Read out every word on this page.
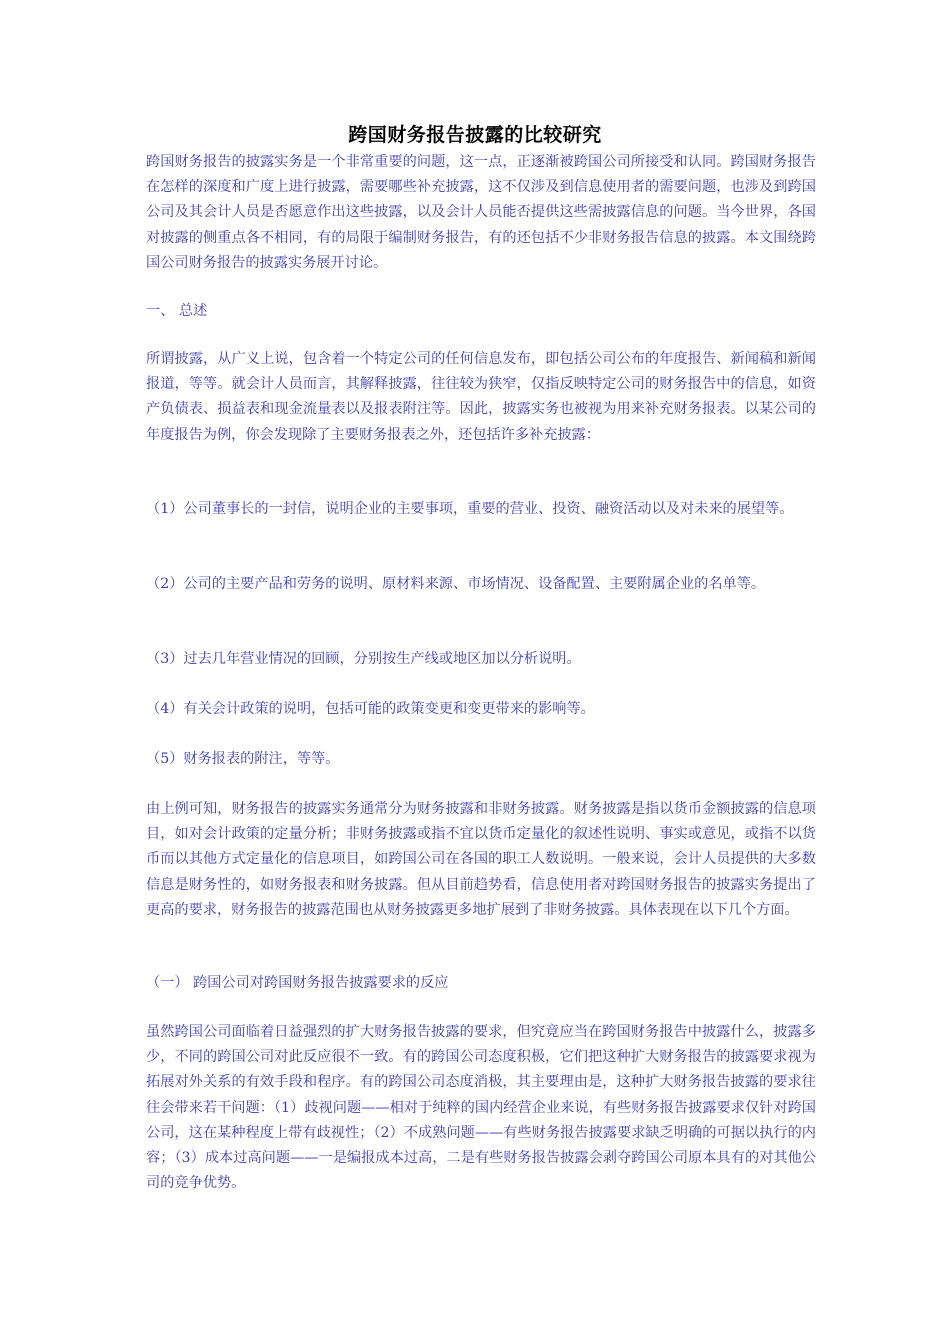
跨国财务报告披露的比较研究

跨国财务报告的披露实务是一个非常重要的问题，这一点，正逐渐被跨国公司所接受和认同。跨国财务报告在怎样的深度和广度上进行披露，需要哪些补充披露，这不仅涉及到信息使用者的需要问题，也涉及到跨国公司及其会计人员是否愿意作出这些披露，以及会计人员能否提供这些需披露信息的问题。当今世界，各国对披露的侧重点各不相同，有的局限于编制财务报告，有的还包括不少非财务报告信息的披露。本文围绕跨国公司财务报告的披露实务展开讨论。

一、 总述

所谓披露，从广义上说，包含着一个特定公司的任何信息发布，即包括公司公布的年度报告、新闻稿和新闻报道，等等。就会计人员而言，其解释披露，往往较为狭窄，仅指反映特定公司的财务报告中的信息，如资产负债表、损益表和现金流量表以及报表附注等。因此，披露实务也被视为用来补充财务报表。以某公司的年度报告为例，你会发现除了主要财务报表之外，还包括许多补充披露：

（1）公司董事长的一封信，说明企业的主要事项，重要的营业、投资、融资活动以及对未来的展望等。

（2）公司的主要产品和劳务的说明、原材料来源、市场情况、设备配置、主要附属企业的名单等。

（3）过去几年营业情况的回顾，分别按生产线或地区加以分析说明。

（4）有关会计政策的说明，包括可能的政策变更和变更带来的影响等。

（5）财务报表的附注，等等。

由上例可知，财务报告的披露实务通常分为财务披露和非财务披露。财务披露是指以货币金额披露的信息项目，如对会计政策的定量分析；非财务披露或指不宜以货币定量化的叙述性说明、事实或意见，或指不以货币而以其他方式定量化的信息项目，如跨国公司在各国的职工人数说明。一般来说，会计人员提供的大多数信息是财务性的，如财务报表和财务披露。但从目前趋势看，信息使用者对跨国财务报告的披露实务提出了更高的要求，财务报告的披露范围也从财务披露更多地扩展到了非财务披露。具体表现在以下几个方面。

（一） 跨国公司对跨国财务报告披露要求的反应

虽然跨国公司面临着日益强烈的扩大财务报告披露的要求，但究竟应当在跨国财务报告中披露什么，披露多少，不同的跨国公司对此反应很不一致。有的跨国公司态度积极，它们把这种扩大财务报告的披露要求视为拓展对外关系的有效手段和程序。有的跨国公司态度消极，其主要理由是，这种扩大财务报告披露的要求往往会带来若干问题：（1）歧视问题——相对于纯粹的国内经营企业来说，有些财务报告披露要求仅针对跨国公司，这在某种程度上带有歧视性；（2）不成熟问题——有些财务报告披露要求缺乏明确的可据以执行的内容；（3）成本过高问题——一是编报成本过高，二是有些财务报告披露会剥夺跨国公司原本具有的对其他公司的竞争优势。
